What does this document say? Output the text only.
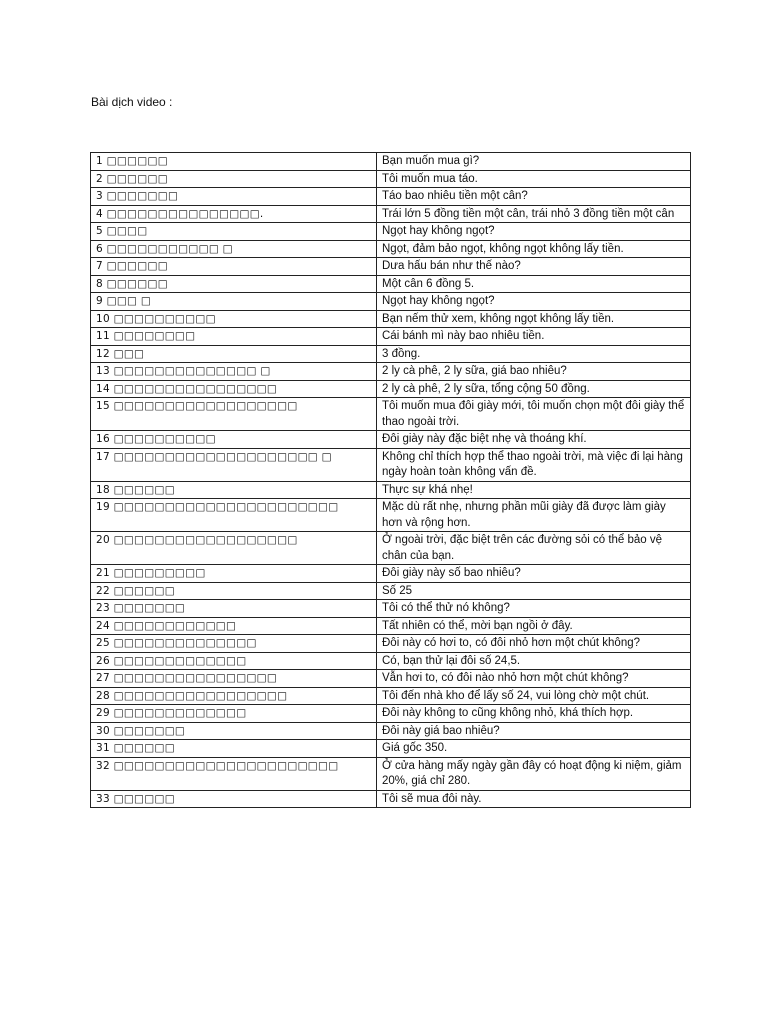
Bài dịch video :
1 □□□□□□	Bạn muốn mua gì?
2 □□□□□□	Tôi muốn mua táo.
3 □□□□□□□	Táo bao nhiêu tiền một cân?
4 □□□□□□□□□□□□□□□.	Trái lớn 5 đồng tiền một cân, trái nhỏ 3 đồng tiền một cân
5 □□□□	Ngọt hay không ngọt?
6 □□□□□□□□□□□ □	Ngọt, đảm bảo ngọt, không ngọt không lấy tiền.
7 □□□□□□	Dưa hấu bán như thế nào?
8 □□□□□□	Một cân 6 đồng 5.
9 □□□ □	Ngọt hay không ngọt?
10 □□□□□□□□□□	Bạn nếm thử xem, không ngọt không lấy tiền.
11 □□□□□□□□	Cái bánh mì này bao nhiêu tiền.
12 □□□	3 đồng.
13 □□□□□□□□□□□□□□ □	2 ly cà phê, 2 ly sữa, giá bao nhiêu?
14 □□□□□□□□□□□□□□□□	2 ly cà phê, 2 ly sữa, tổng cộng 50 đồng.
15 □□□□□□□□□□□□□□□□□□	Tôi muốn mua đôi giày mới, tôi muốn chọn một đôi giày thể thao ngoài trời.
16 □□□□□□□□□□	Đôi giày này đặc biệt nhẹ và thoáng khí.
17 □□□□□□□□□□□□□□□□□□□□ □	Không chỉ thích hợp thể thao ngoài trời, mà việc đi lại hàng ngày hoàn toàn không vấn đề.
18 □□□□□□	Thực sự khá nhẹ!
19 □□□□□□□□□□□□□□□□□□□□□□	Mặc dù rất nhẹ, nhưng phần mũi giày đã được làm giày hơn và rộng hơn.
20 □□□□□□□□□□□□□□□□□□	Ở ngoài trời, đặc biệt trên các đường sỏi có thể bảo vệ chân của bạn.
21 □□□□□□□□□	Đôi giày này số bao nhiêu?
22 □□□□□□	Số 25
23 □□□□□□□	Tôi có thể thử nó không?
24 □□□□□□□□□□□□	Tất nhiên có thể, mời bạn ngồi ở đây.
25 □□□□□□□□□□□□□□	Đôi này có hơi to, có đôi nhỏ hơn một chút không?
26 □□□□□□□□□□□□□	Có, bạn thử lại đôi số 24,5.
27 □□□□□□□□□□□□□□□□	Vẫn hơi to, có đôi nào nhỏ hơn một chút không?
28 □□□□□□□□□□□□□□□□□	Tôi đến nhà kho để lấy số 24, vui lòng chờ một chút.
29 □□□□□□□□□□□□□	Đôi này không to cũng không nhỏ, khá thích hợp.
30 □□□□□□□	Đôi này giá bao nhiêu?
31 □□□□□□	Giá gốc 350.
32 □□□□□□□□□□□□□□□□□□□□□□	Ở cửa hàng mấy ngày gần đây có hoạt động ki niệm, giảm 20%, giá chỉ 280.
33 □□□□□□	Tôi sẽ mua đôi này.
